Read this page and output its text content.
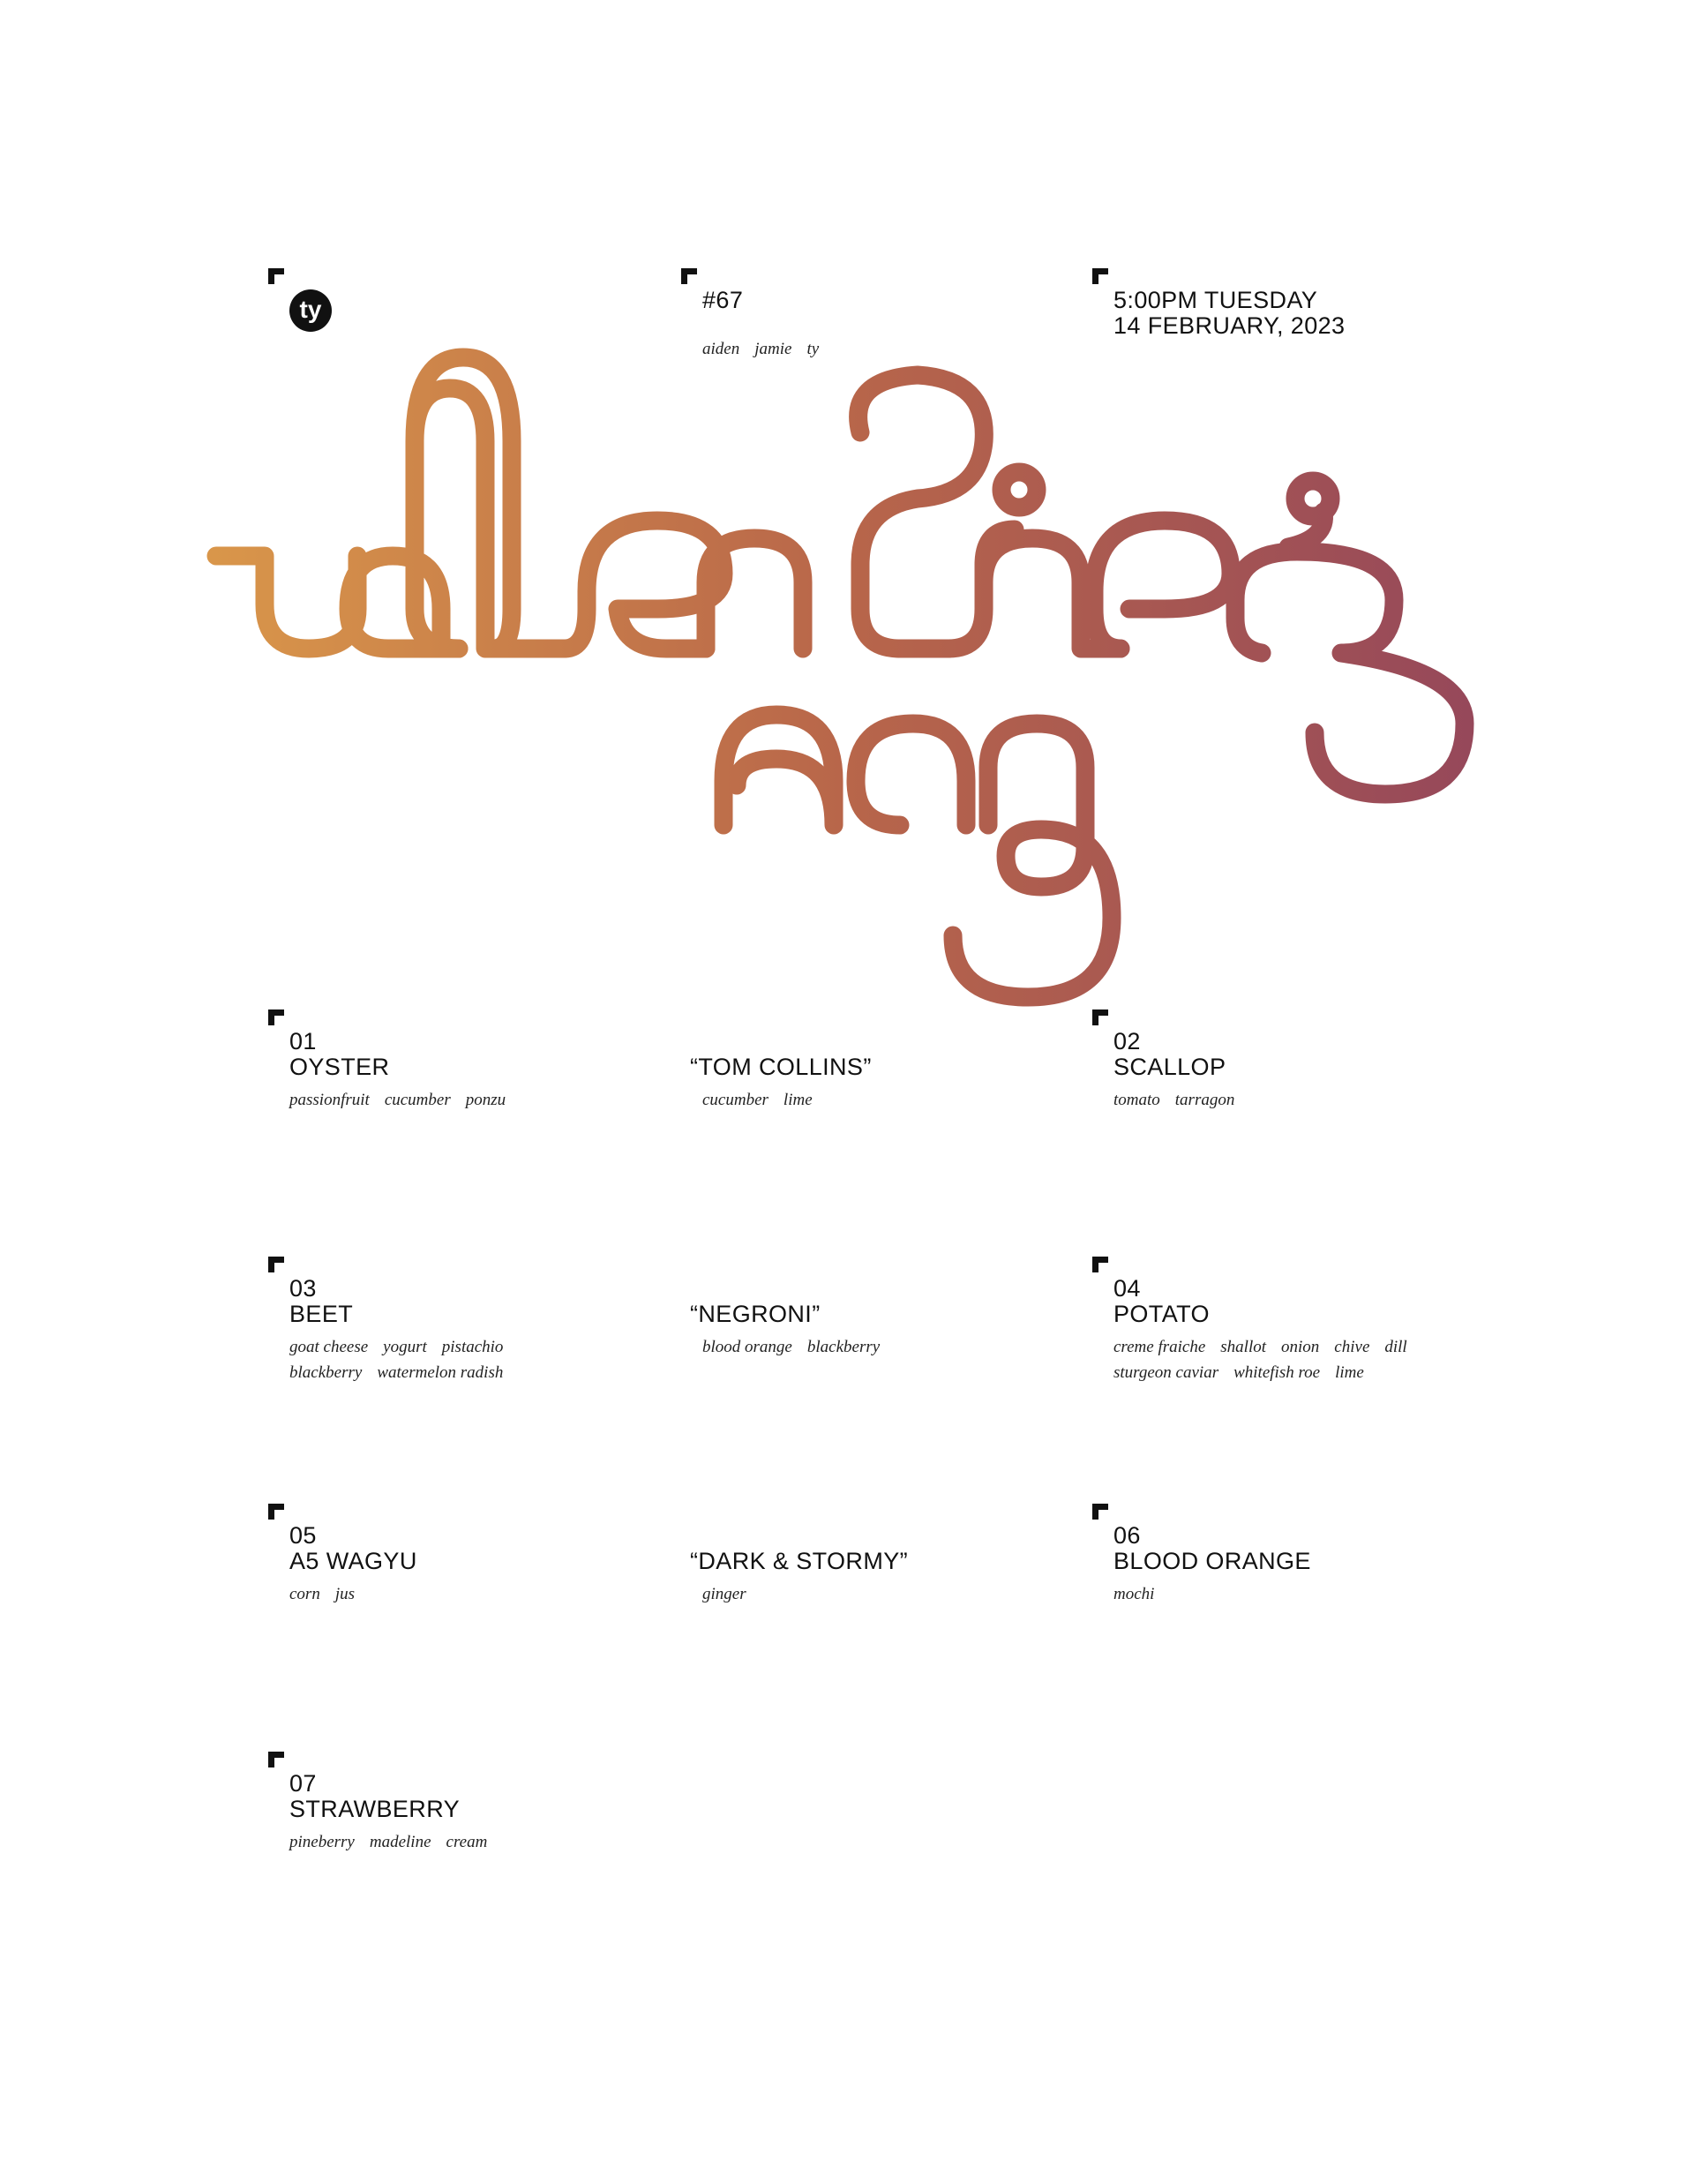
ty	#67
aiden jamie ty
5:00PM TUESDAY
14 FEBRUARY, 2023
01
OYSTER
passionfruit cucumber ponzu
02
SCALLOP
tomato tarragon
03
BEET
goat cheese yogurt pistachio
blackberry watermelon radish
04
POTATO
creme fraiche shallot onion chive dill
sturgeon caviar whitefish roe lime
05
A5 WAGYU
corn jus
06
BLOOD ORANGE
mochi
07
STRAWBERRY
pineberry madeline cream
“TOM COLLINS”
cucumber lime
“NEGRONI”
blood orange blackberry
“DARK & STORMY”
ginger
